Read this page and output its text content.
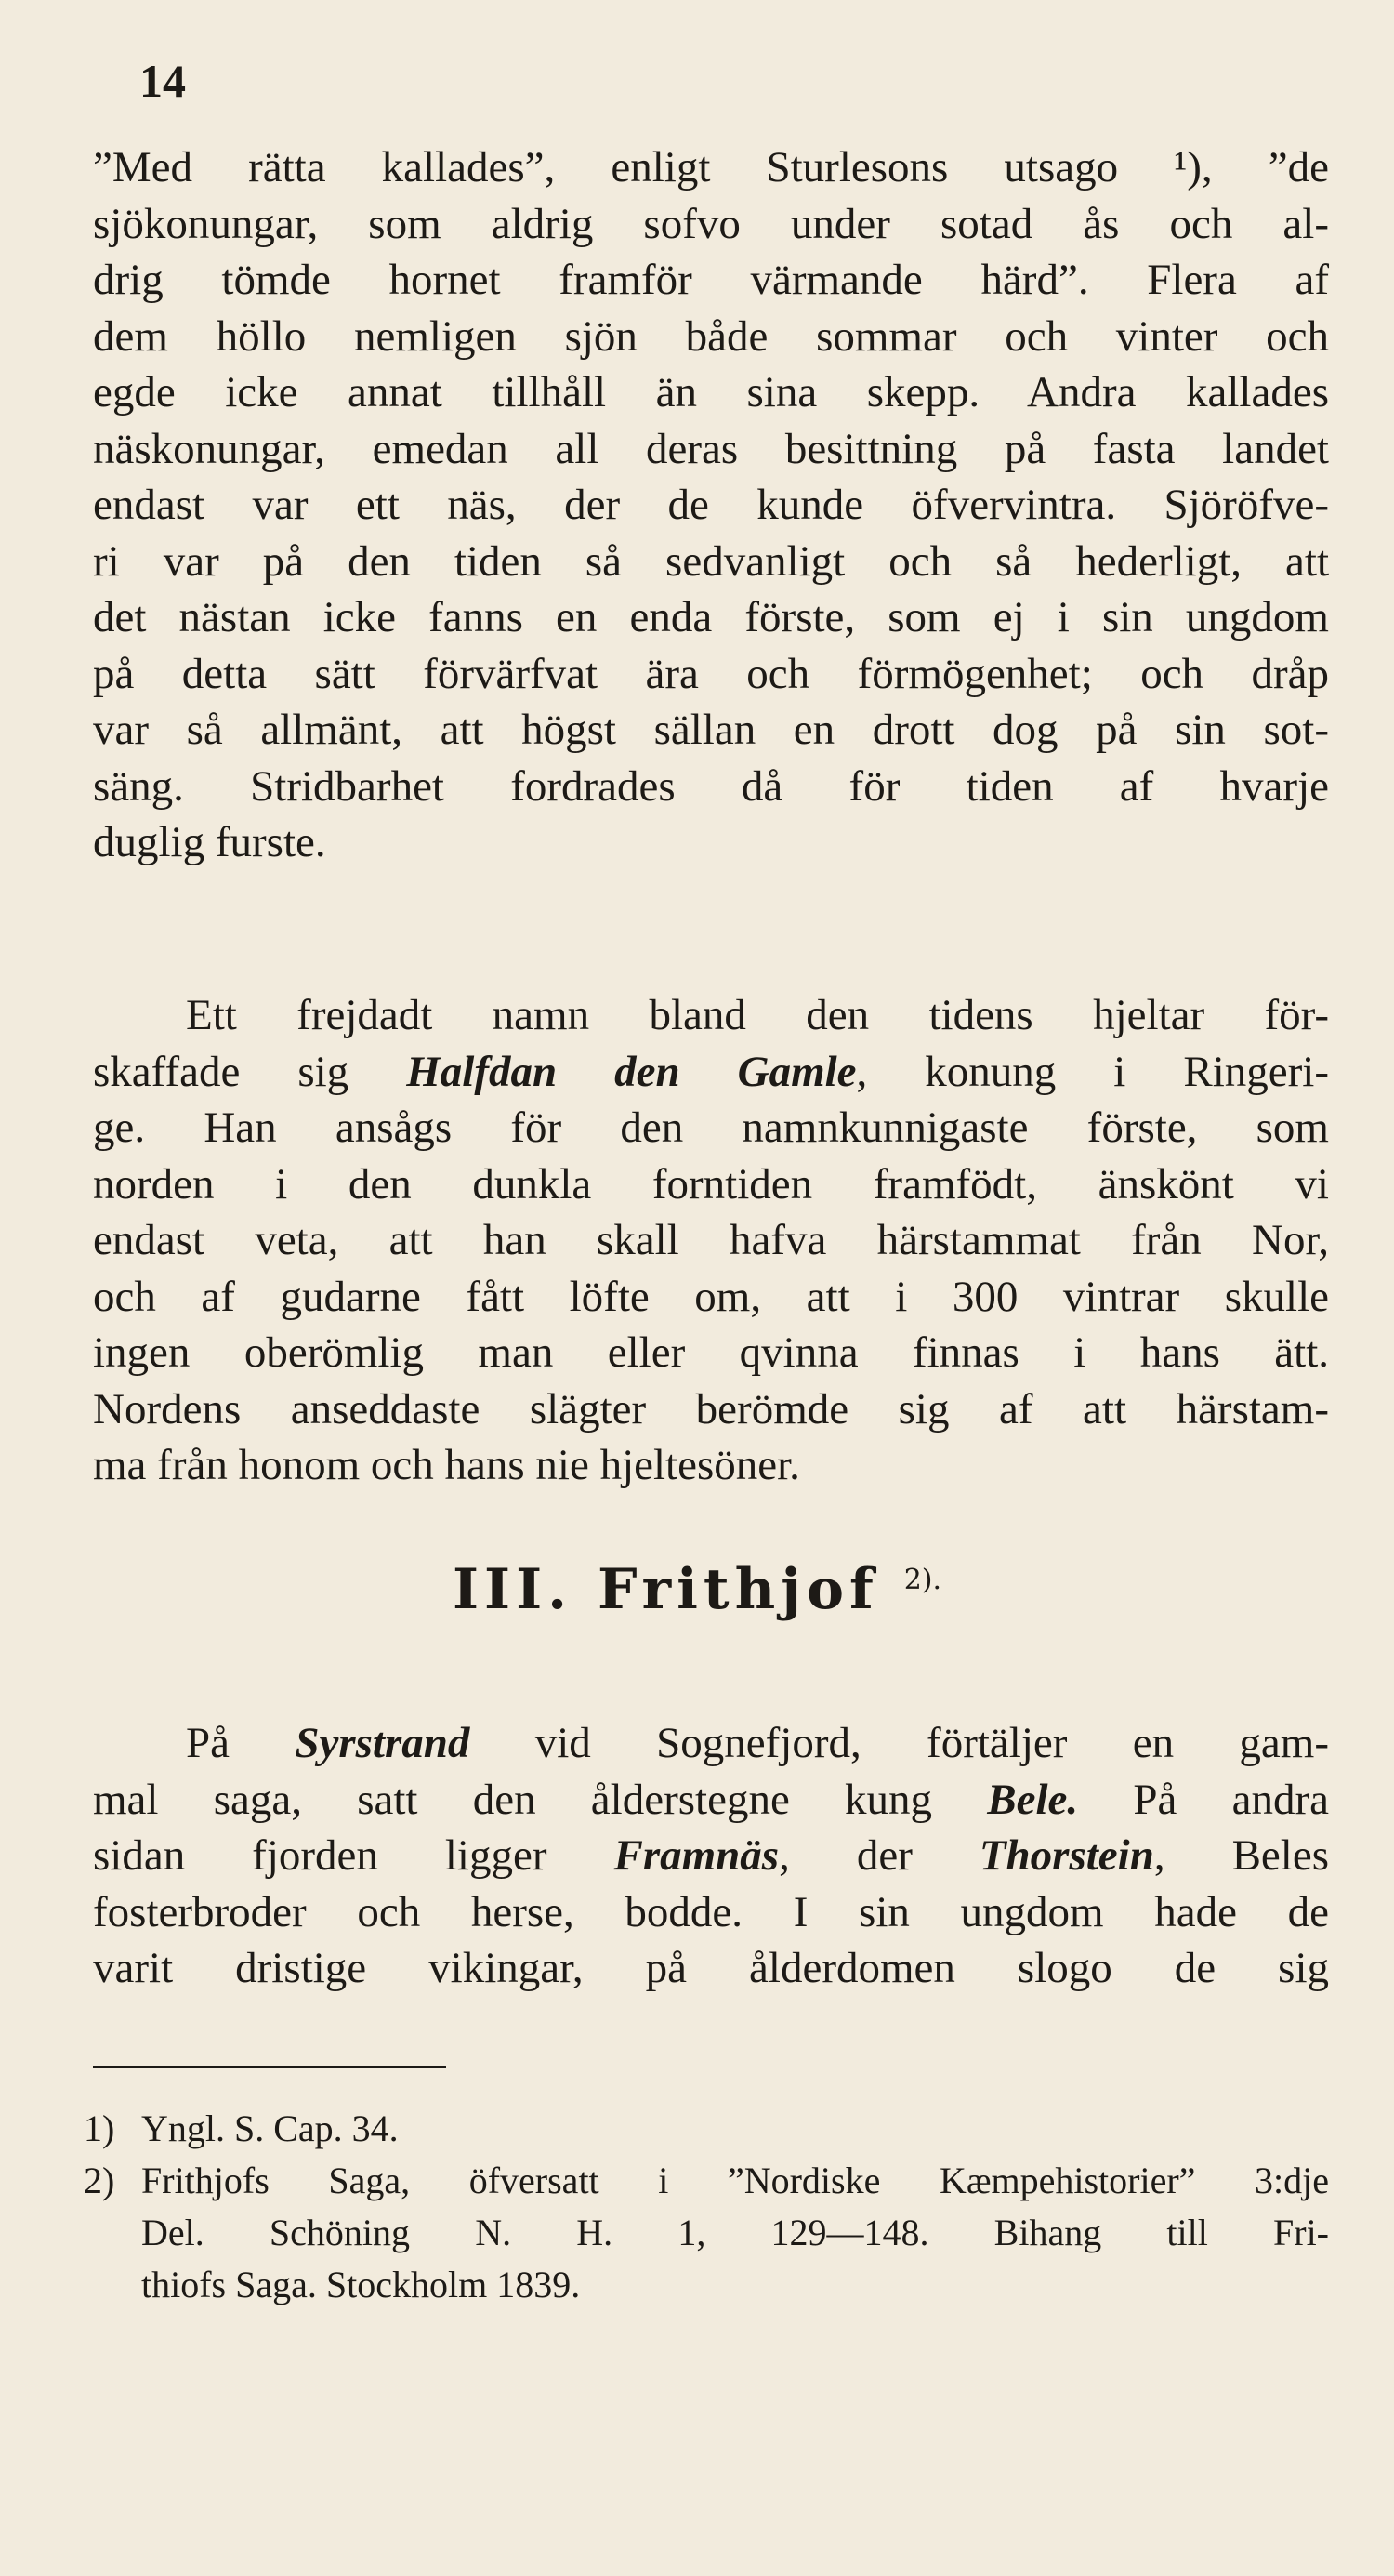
14
”Med rätta kallades”, enligt Sturlesons utsago ¹), ”de
sjökonungar, som aldrig sofvo under sotad ås och al-
drig tömde hornet framför värmande härd”. Flera af
dem höllo nemligen sjön både sommar och vinter och
egde icke annat tillhåll än sina skepp. Andra kallades
näskonungar, emedan all deras besittning på fasta landet
endast var ett näs, der de kunde öfvervintra. Sjöröfve-
ri var på den tiden så sedvanligt och så hederligt, att
det nästan icke fanns en enda förste, som ej i sin ungdom
på detta sätt förvärfvat ära och förmögenhet; och dråp
var så allmänt, att högst sällan en drott dog på sin sot-
säng. Stridbarhet fordrades då för tiden af hvarje
duglig furste.
Ett frejdadt namn bland den tidens hjeltar för-
skaffade sig Halfdan den Gamle, konung i Ringeri-
ge. Han ansågs för den namnkunnigaste förste, som
norden i den dunkla forntiden framfödt, änskönt vi
endast veta, att han skall hafva härstammat från Nor,
och af gudarne fått löfte om, att i 300 vintrar skulle
ingen oberömlig man eller qvinna finnas i hans ätt.
Nordens anseddaste slägter berömde sig af att härstam-
ma från honom och hans nie hjeltesöner.
III. Frithjof $^{2).}$
På Syrstrand vid Sognefjord, förtäljer en gam-
mal saga, satt den ålderstegne kung Bele. På andra
sidan fjorden ligger Framnäs, der Thorstein, Beles
fosterbroder och herse, bodde. I sin ungdom hade de
varit dristige vikingar, på ålderdomen slogo de sig
1) Yngl. S. Cap. 34.
2) Frithjofs Saga, öfversatt i ”Nordiske Kæmpehistorier” 3:dje
Del. Schöning N. H. 1, 129—148. Bihang till Fri-
thiofs Saga. Stockholm 1839.
